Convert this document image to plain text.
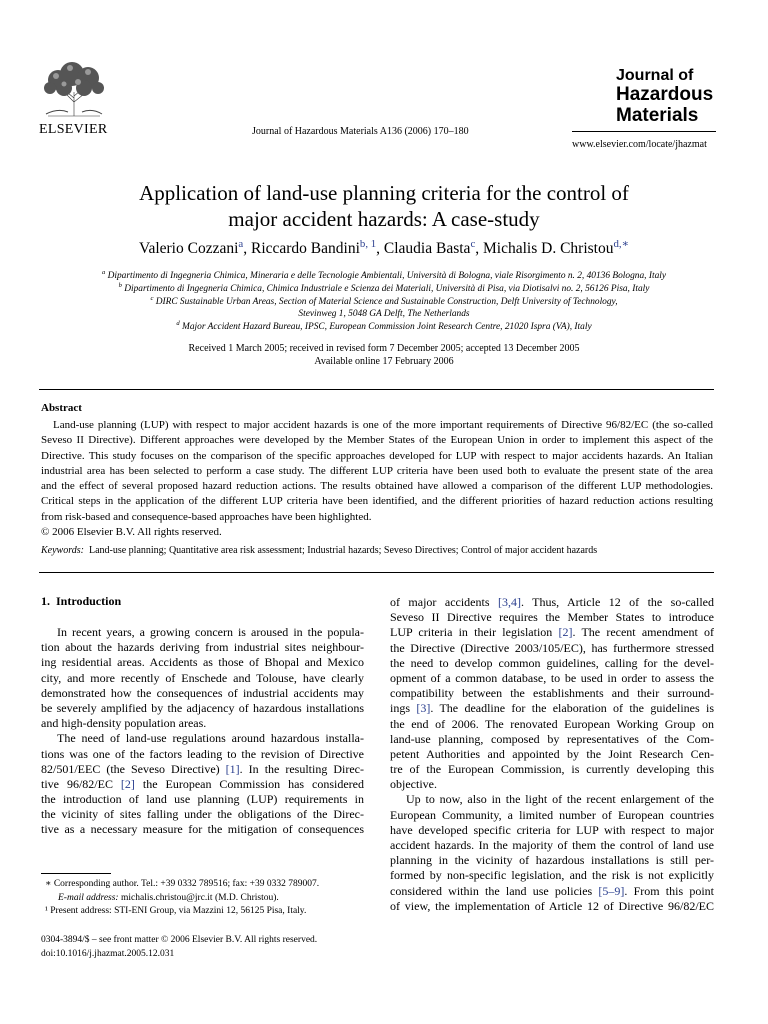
ELSEVIER	Journal of Hazardous Materials A136 (2006) 170–180
Journal of
Hazardous
Materials
www.elsevier.com/locate/jhazmat
Application of land-use planning criteria for the control of
major accident hazards: A case-study
Valerio Cozzani$^a$, Riccardo Bandini$^{b, 1}$, Claudia Basta$^c$, Michalis D. Christou$^{d,∗}$
$^a$ Dipartimento di Ingegneria Chimica, Mineraria e delle Tecnologie Ambientali, Università di Bologna, viale Risorgimento n. 2, 40136 Bologna, Italy
$^b$ Dipartimento di Ingegneria Chimica, Chimica Industriale e Scienza dei Materiali, Università di Pisa, via Diotisalvi no. 2, 56126 Pisa, Italy
$^c$ DIRC Sustainable Urban Areas, Section of Material Science and Sustainable Construction, Delft University of Technology,
Stevinweg 1, 5048 GA Delft, The Netherlands
$^d$ Major Accident Hazard Bureau, IPSC, European Commission Joint Research Centre, 21020 Ispra (VA), Italy
Received 1 March 2005; received in revised form 7 December 2005; accepted 13 December 2005
Available online 17 February 2006
Abstract
Land-use planning (LUP) with respect to major accident hazards is one of the more important requirements of Directive 96/82/EC (the so-called
Seveso II Directive). Different approaches were developed by the Member States of the European Union in order to implement this aspect of the
Directive. This study focuses on the comparison of the specific approaches developed for LUP with respect to major accidents hazards. An Italian
industrial area has been selected to perform a case study. The different LUP criteria have been used both to evaluate the present state of the area
and the effect of several proposed hazard reduction actions. The results obtained have allowed a comparison of the different LUP methodologies.
Critical steps in the application of the different LUP criteria have been identified, and the different priorities of hazard reduction actions resulting
from risk-based and consequence-based approaches have been highlighted.
© 2006 Elsevier B.V. All rights reserved.
Keywords: Land-use planning; Quantitative area risk assessment; Industrial hazards; Seveso Directives; Control of major accident hazards
1.  Introduction
In recent years, a growing concern is aroused in the popula-
tion about the hazards deriving from industrial sites neighbour-
ing residential areas. Accidents as those of Bhopal and Mexico
city, and more recently of Enschede and Tolouse, have clearly
demonstrated how the consequences of industrial accidents may
be severely amplified by the adjacency of hazardous installations
and high-density population areas.
The need of land-use regulations around hazardous installa-
tions was one of the factors leading to the revision of Directive
82/501/EEC (the Seveso Directive) [1]. In the resulting Direc-
tive 96/82/EC [2] the European Commission has considered
the introduction of land use planning (LUP) requirements in
the vicinity of sites falling under the obligations of the Direc-
tive as a necessary measure for the mitigation of consequences
of major accidents [3,4]. Thus, Article 12 of the so-called
Seveso II Directive requires the Member States to introduce
LUP criteria in their legislation [2]. The recent amendment of
the Directive (Directive 2003/105/EC), has furthermore stressed
the need to develop common guidelines, calling for the devel-
opment of a common database, to be used in order to assess the
compatibility between the establishments and their surround-
ings [3]. The deadline for the elaboration of the guidelines is
the end of 2006. The renovated European Working Group on
land-use planning, composed by representatives of the Com-
petent Authorities and appointed by the Joint Research Cen-
tre of the European Commission, is currently developing this
objective.
Up to now, also in the light of the recent enlargement of the
European Community, a limited number of European countries
have developed specific criteria for LUP with respect to major
accident hazards. In the majority of them the control of land use
planning in the vicinity of hazardous installations is still per-
formed by non-specific legislation, and the risk is not explicitly
considered within the land use policies [5–9]. From this point
of view, the implementation of Article 12 of Directive 96/82/EC
∗ Corresponding author. Tel.: +39 0332 789516; fax: +39 0332 789007.
E-mail address: michalis.christou@jrc.it (M.D. Christou).
¹ Present address: STI-ENI Group, via Mazzini 12, 56125 Pisa, Italy.
0304-3894/$ – see front matter © 2006 Elsevier B.V. All rights reserved.
doi:10.1016/j.jhazmat.2005.12.031
